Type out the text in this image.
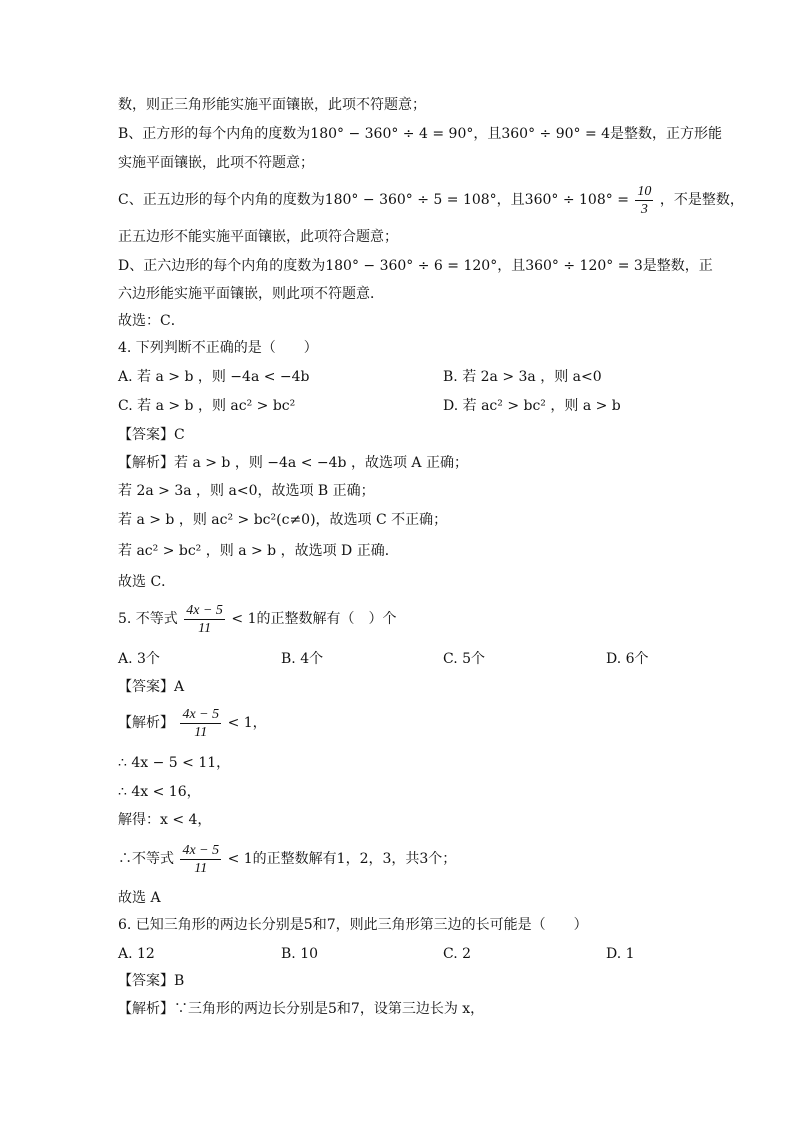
数，则正三角形能实施平面镶嵌，此项不符题意；
B、正方形的每个内角的度数为180° − 360° ÷ 4 = 90°，且360° ÷ 90° = 4是整数，正方形能
实施平面镶嵌，此项不符题意；
C、正五边形的每个内角的度数为180° − 360° ÷ 5 = 108°，且$360^\circ \div 108^\circ = \frac{10}{3}$ ，不是整数，
正五边形不能实施平面镶嵌，此项符合题意；
D、正六边形的每个内角的度数为180° − 360° ÷ 6 = 120°，且360° ÷ 120° = 3是整数，正
六边形能实施平面镶嵌，则此项不符题意．
故选：C．
4. 下列判断不正确的是（　　）
A. 若 a > b ，则 −4a < −4b	B. 若 2a > 3a ，则 a<0
C. 若 a > b ，则 ac² > bc²	D. 若 ac² > bc² ，则 a > b
【答案】C
【解析】若 a > b ，则 −4a < −4b ，故选项 A 正确；
若 2a > 3a ，则 a<0，故选项 B 正确；
若 a > b ，则 ac² > bc²(c≠0)，故选项 C 不正确；
若 ac² > bc² ，则 a > b ，故选项 D 正确．
故选 C．
5. 不等式 $\frac{4x - 5}{11} < 1$的正整数解有（　）个
A. 3个	B. 4个	C. 5个	D. 6个
【答案】A
【解析】 $\frac{4x - 5}{11} < 1$，
∴ 4x − 5 < 11，
∴ 4x < 16，
解得：x < 4，
∴不等式 $\frac{4x - 5}{11} < 1$的正整数解有1，2，3，共3个；
故选 A
6. 已知三角形的两边长分别是5和7，则此三角形第三边的长可能是（　　）
A. 12	B. 10	C. 2	D. 1
【答案】B
【解析】∵三角形的两边长分别是5和7，设第三边长为 x，
